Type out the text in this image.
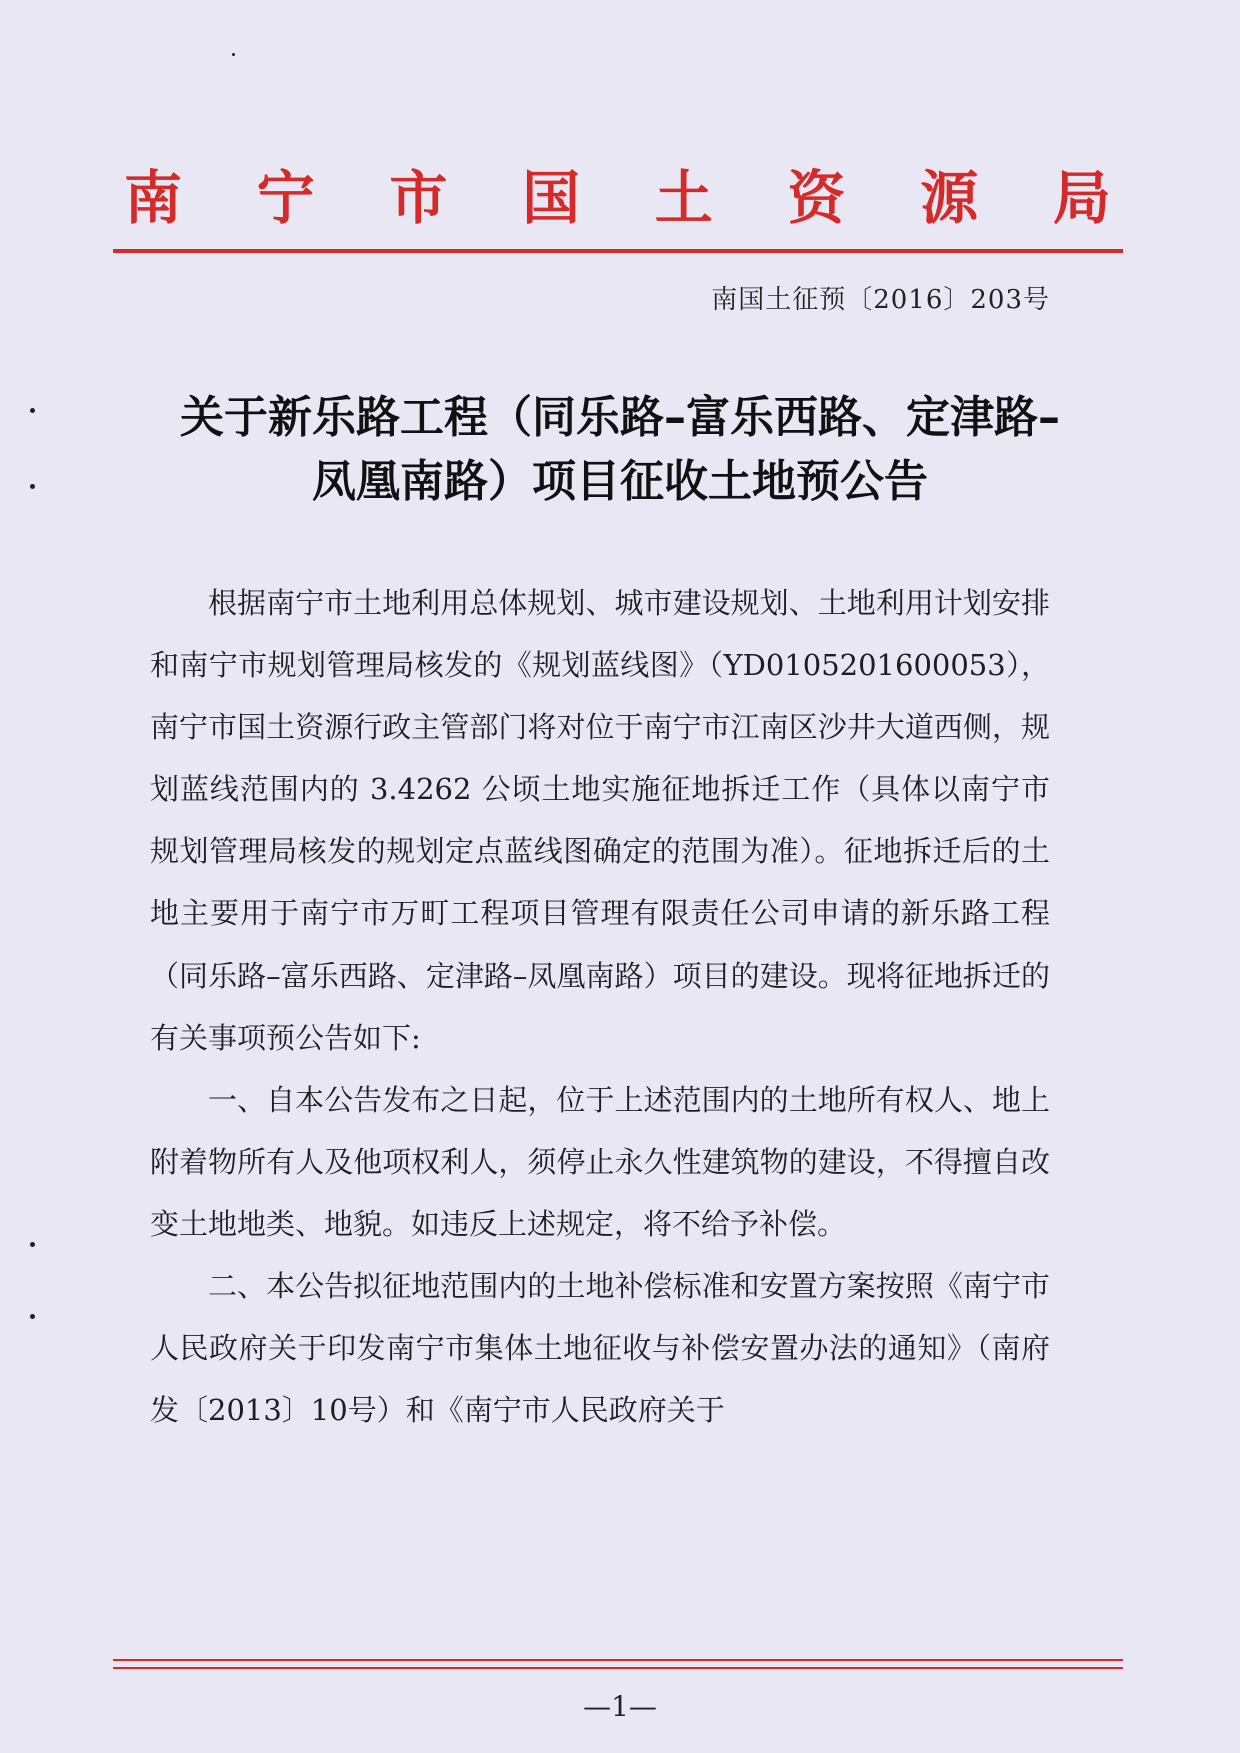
南 宁 市 国 土 资 源 局
南国土征预〔2016〕203号
关于新乐路工程（同乐路–富乐西路、定津路–
凤凰南路）项目征收土地预公告

根据南宁市土地利用总体规划、城市建设规划、土地利用计划安排和南宁市规划管理局核发的《规划蓝线图》（YD0105201600053），南宁市国土资源行政主管部门将对位于南宁市江南区沙井大道西侧，规划蓝线范围内的 3.4262 公顷土地实施征地拆迁工作（具体以南宁市规划管理局核发的规划定点蓝线图确定的范围为准）。征地拆迁后的土地主要用于南宁市万町工程项目管理有限责任公司申请的新乐路工程（同乐路–富乐西路、定津路–凤凰南路）项目的建设。现将征地拆迁的有关事项预公告如下:

一、自本公告发布之日起，位于上述范围内的土地所有权人、地上附着物所有人及他项权利人，须停止永久性建筑物的建设，不得擅自改变土地地类、地貌。如违反上述规定，将不给予补偿。

二、本公告拟征地范围内的土地补偿标准和安置方案按照《南宁市人民政府关于印发南宁市集体土地征收与补偿安置办法的通知》（南府发〔2013〕10号）和《南宁市人民政府关于

—1—
